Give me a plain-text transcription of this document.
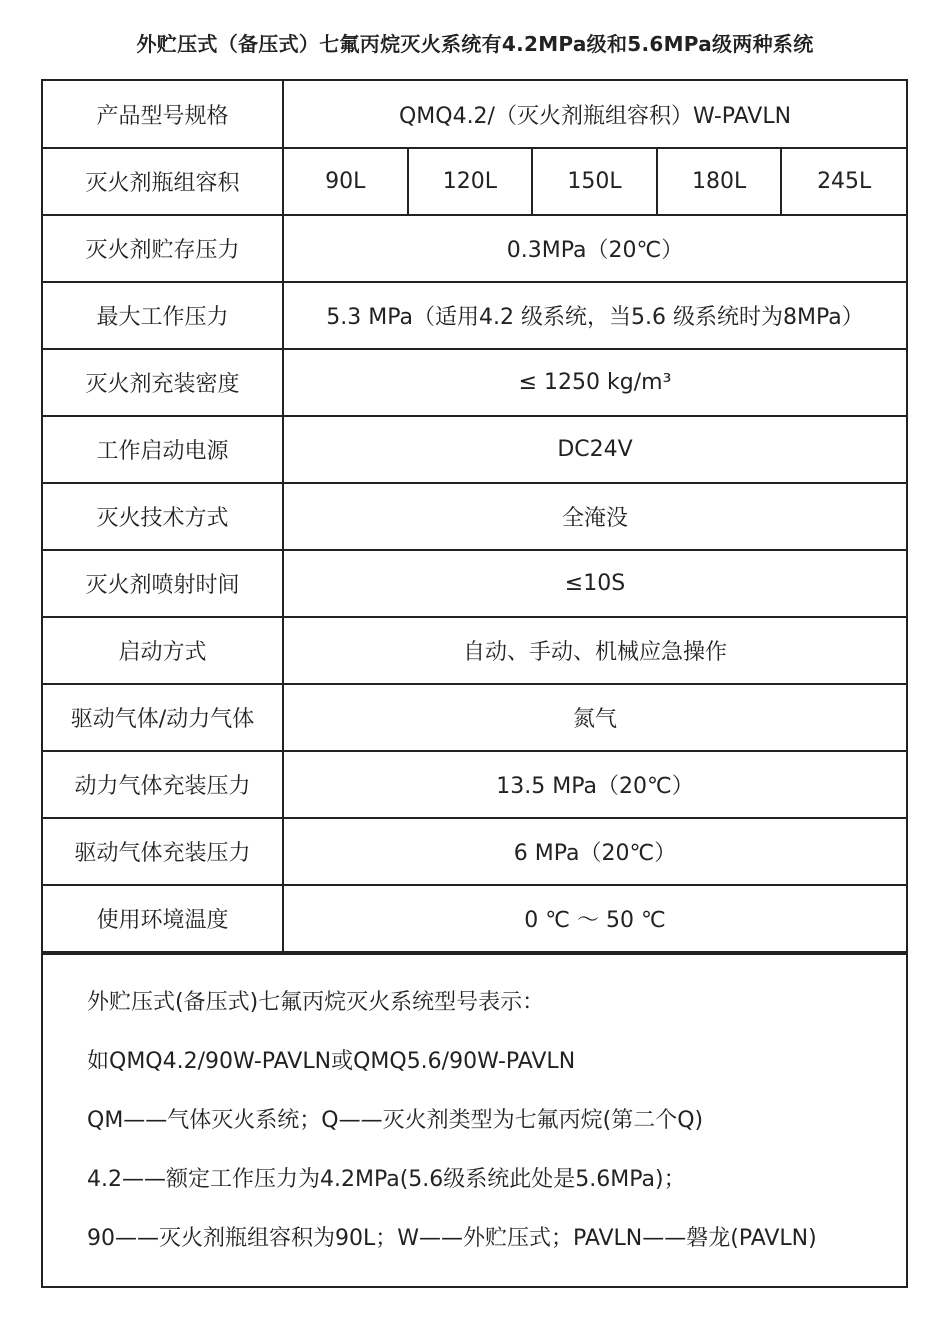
外贮压式（备压式）七氟丙烷灭火系统有4.2MPa级和5.6MPa级两种系统
产品型号规格	QMQ4.2/（灭火剂瓶组容积）W-PAVLN				
灭火剂瓶组容积	90L	120L	150L	180L	245L
灭火剂贮存压力	0.3MPa（20℃）				
最大工作压力	5.3 MPa（适用4.2 级系统，当5.6 级系统时为8MPa）				
灭火剂充装密度	≤ 1250 kg/m³				
工作启动电源	DC24V				
灭火技术方式	全淹没				
灭火剂喷射时间	≤10S				
启动方式	自动、手动、机械应急操作				
驱动气体/动力气体	氮气				
动力气体充装压力	13.5 MPa（20℃）				
驱动气体充装压力	6 MPa（20℃）				
使用环境温度	0 ℃ ～ 50 ℃				

外贮压式(备压式)七氟丙烷灭火系统型号表示：

如QMQ4.2/90W-PAVLN或QMQ5.6/90W-PAVLN

QM——气体灭火系统；Q——灭火剂类型为七氟丙烷(第二个Q)

4.2——额定工作压力为4.2MPa(5.6级系统此处是5.6MPa)；

90——灭火剂瓶组容积为90L；W——外贮压式；PAVLN——磐龙(PAVLN)
